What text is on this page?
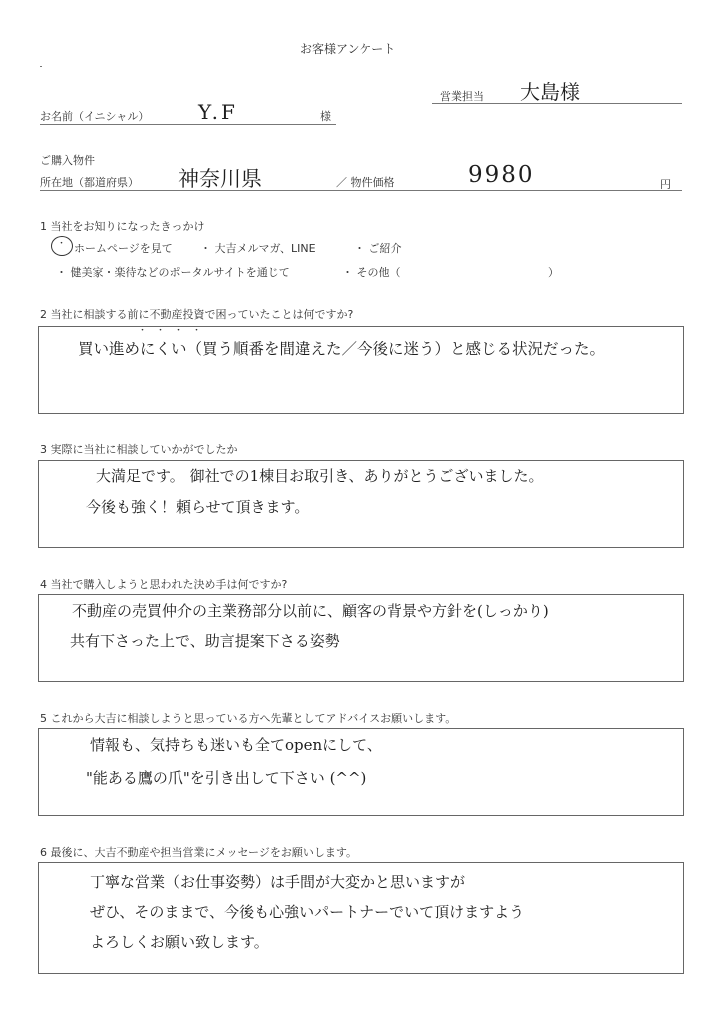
お客様アンケート
営業担当 大島様
お名前（イニシャル） Y.F	様
ご購入物件
所在地（都道府県） 神奈川県	／ 物件価格	9980	円
1 当社をお知りになったきっかけ
・ ホームページを見て ・ 大吉メルマガ、LINE	・ ご紹介
・ 健美家・楽待などのポータルサイトを通じて	・ その他（	）
2 当社に相談する前に不動産投資で困っていたことは何ですか?
・・・・
買い進めにくい（買う順番を間違えた／今後に迷う）と感じる状況だった。
3 実際に当社に相談していかがでしたか
大満足です。 御社での1棟目お取引き、ありがとうございました。
今後も強く！頼らせて頂きます。
4 当社で購入しようと思われた決め手は何ですか?
不動産の売買仲介の主業務部分以前に、顧客の背景や方針を(しっかり)
共有下さった上で、助言提案下さる姿勢
5 これから大吉に相談しようと思っている方へ先輩としてアドバイスお願いします。
情報も、気持ちも迷いも全てopenにして、
"能ある鷹の爪"を引き出して下さい (^^)
6 最後に、大吉不動産や担当営業にメッセージをお願いします。
丁寧な営業（お仕事姿勢）は手間が大変かと思いますが
ぜひ、そのままで、今後も心強いパートナーでいて頂けますよう
よろしくお願い致します。
